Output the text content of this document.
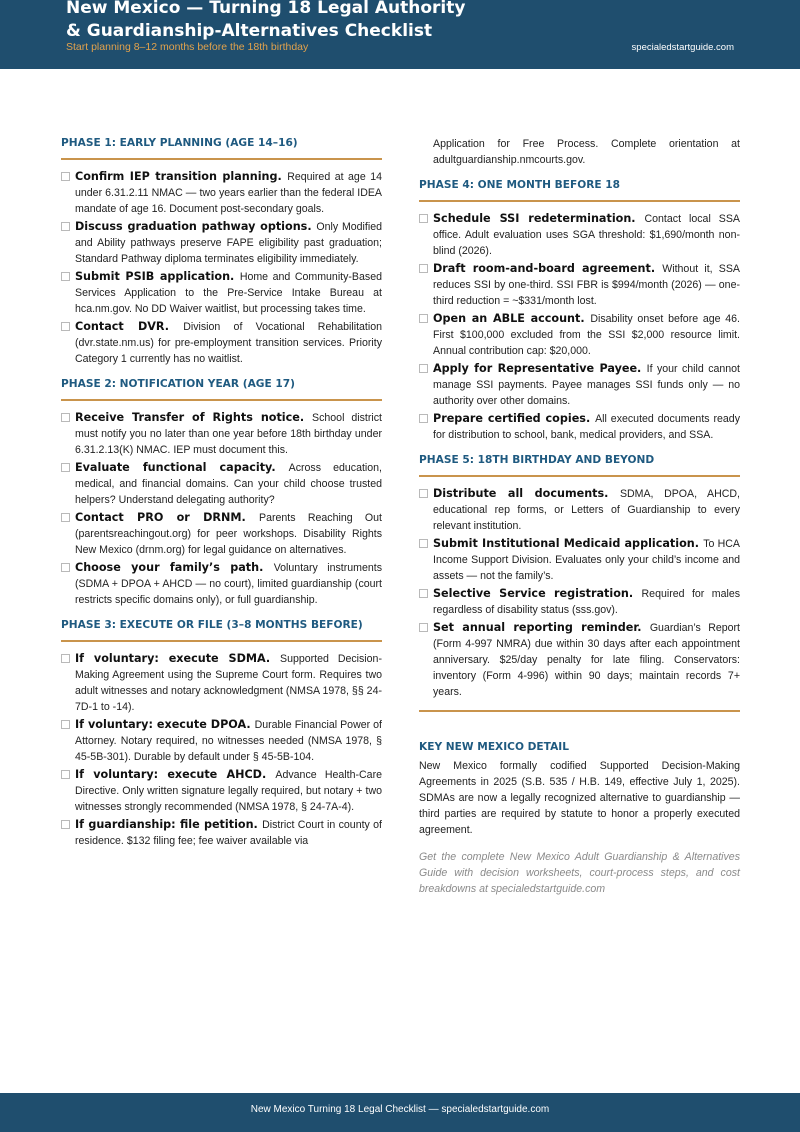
New Mexico — Turning 18 Legal Authority & Guardianship-Alternatives Checklist
Start planning 8–12 months before the 18th birthday	specialedstartguide.com
PHASE 1: EARLY PLANNING (AGE 14–16)
Confirm IEP transition planning. Required at age 14 under 6.31.2.11 NMAC — two years earlier than the federal IDEA mandate of age 16. Document post-secondary goals.
Discuss graduation pathway options. Only Modified and Ability pathways preserve FAPE eligibility past graduation; Standard Pathway diploma terminates eligibility immediately.
Submit PSIB application. Home and Community-Based Services Application to the Pre-Service Intake Bureau at hca.nm.gov. No DD Waiver waitlist, but processing takes time.
Contact DVR. Division of Vocational Rehabilitation (dvr.state.nm.us) for pre-employment transition services. Priority Category 1 currently has no waitlist.
PHASE 2: NOTIFICATION YEAR (AGE 17)
Receive Transfer of Rights notice. School district must notify you no later than one year before 18th birthday under 6.31.2.13(K) NMAC. IEP must document this.
Evaluate functional capacity. Across education, medical, and financial domains. Can your child choose trusted helpers? Understand delegating authority?
Contact PRO or DRNM. Parents Reaching Out (parentsreachingout.org) for peer workshops. Disability Rights New Mexico (drnm.org) for legal guidance on alternatives.
Choose your family’s path. Voluntary instruments (SDMA + DPOA + AHCD — no court), limited guardianship (court restricts specific domains only), or full guardianship.
PHASE 3: EXECUTE OR FILE (3–8 MONTHS BEFORE)
If voluntary: execute SDMA. Supported Decision-Making Agreement using the Supreme Court form. Requires two adult witnesses and notary acknowledgment (NMSA 1978, §§ 24-7D-1 to -14).
If voluntary: execute DPOA. Durable Financial Power of Attorney. Notary required, no witnesses needed (NMSA 1978, § 45-5B-301). Durable by default under § 45-5B-104.
If voluntary: execute AHCD. Advance Health-Care Directive. Only written signature legally required, but notary + two witnesses strongly recommended (NMSA 1978, § 24-7A-4).
If guardianship: file petition. District Court in county of residence. $132 filing fee; fee waiver available via
Application for Free Process. Complete orientation at adultguardianship.nmcourts.gov.
PHASE 4: ONE MONTH BEFORE 18
Schedule SSI redetermination. Contact local SSA office. Adult evaluation uses SGA threshold: $1,690/month non-blind (2026).
Draft room-and-board agreement. Without it, SSA reduces SSI by one-third. SSI FBR is $994/month (2026) — one-third reduction = ~$331/month lost.
Open an ABLE account. Disability onset before age 46. First $100,000 excluded from the SSI $2,000 resource limit. Annual contribution cap: $20,000.
Apply for Representative Payee. If your child cannot manage SSI payments. Payee manages SSI funds only — no authority over other domains.
Prepare certified copies. All executed documents ready for distribution to school, bank, medical providers, and SSA.
PHASE 5: 18TH BIRTHDAY AND BEYOND
Distribute all documents. SDMA, DPOA, AHCD, educational rep forms, or Letters of Guardianship to every relevant institution.
Submit Institutional Medicaid application. To HCA Income Support Division. Evaluates only your child’s income and assets — not the family’s.
Selective Service registration. Required for males regardless of disability status (sss.gov).
Set annual reporting reminder. Guardian’s Report (Form 4-997 NMRA) due within 30 days after each appointment anniversary. $25/day penalty for late filing. Conservators: inventory (Form 4-996) within 90 days; maintain records 7+ years.
KEY NEW MEXICO DETAIL
New Mexico formally codified Supported Decision-Making Agreements in 2025 (S.B. 535 / H.B. 149, effective July 1, 2025). SDMAs are now a legally recognized alternative to guardianship — third parties are required by statute to honor a properly executed agreement.
Get the complete New Mexico Adult Guardianship & Alternatives Guide with decision worksheets, court-process steps, and cost breakdowns at specialedstartguide.com
New Mexico Turning 18 Legal Checklist — specialedstartguide.com
